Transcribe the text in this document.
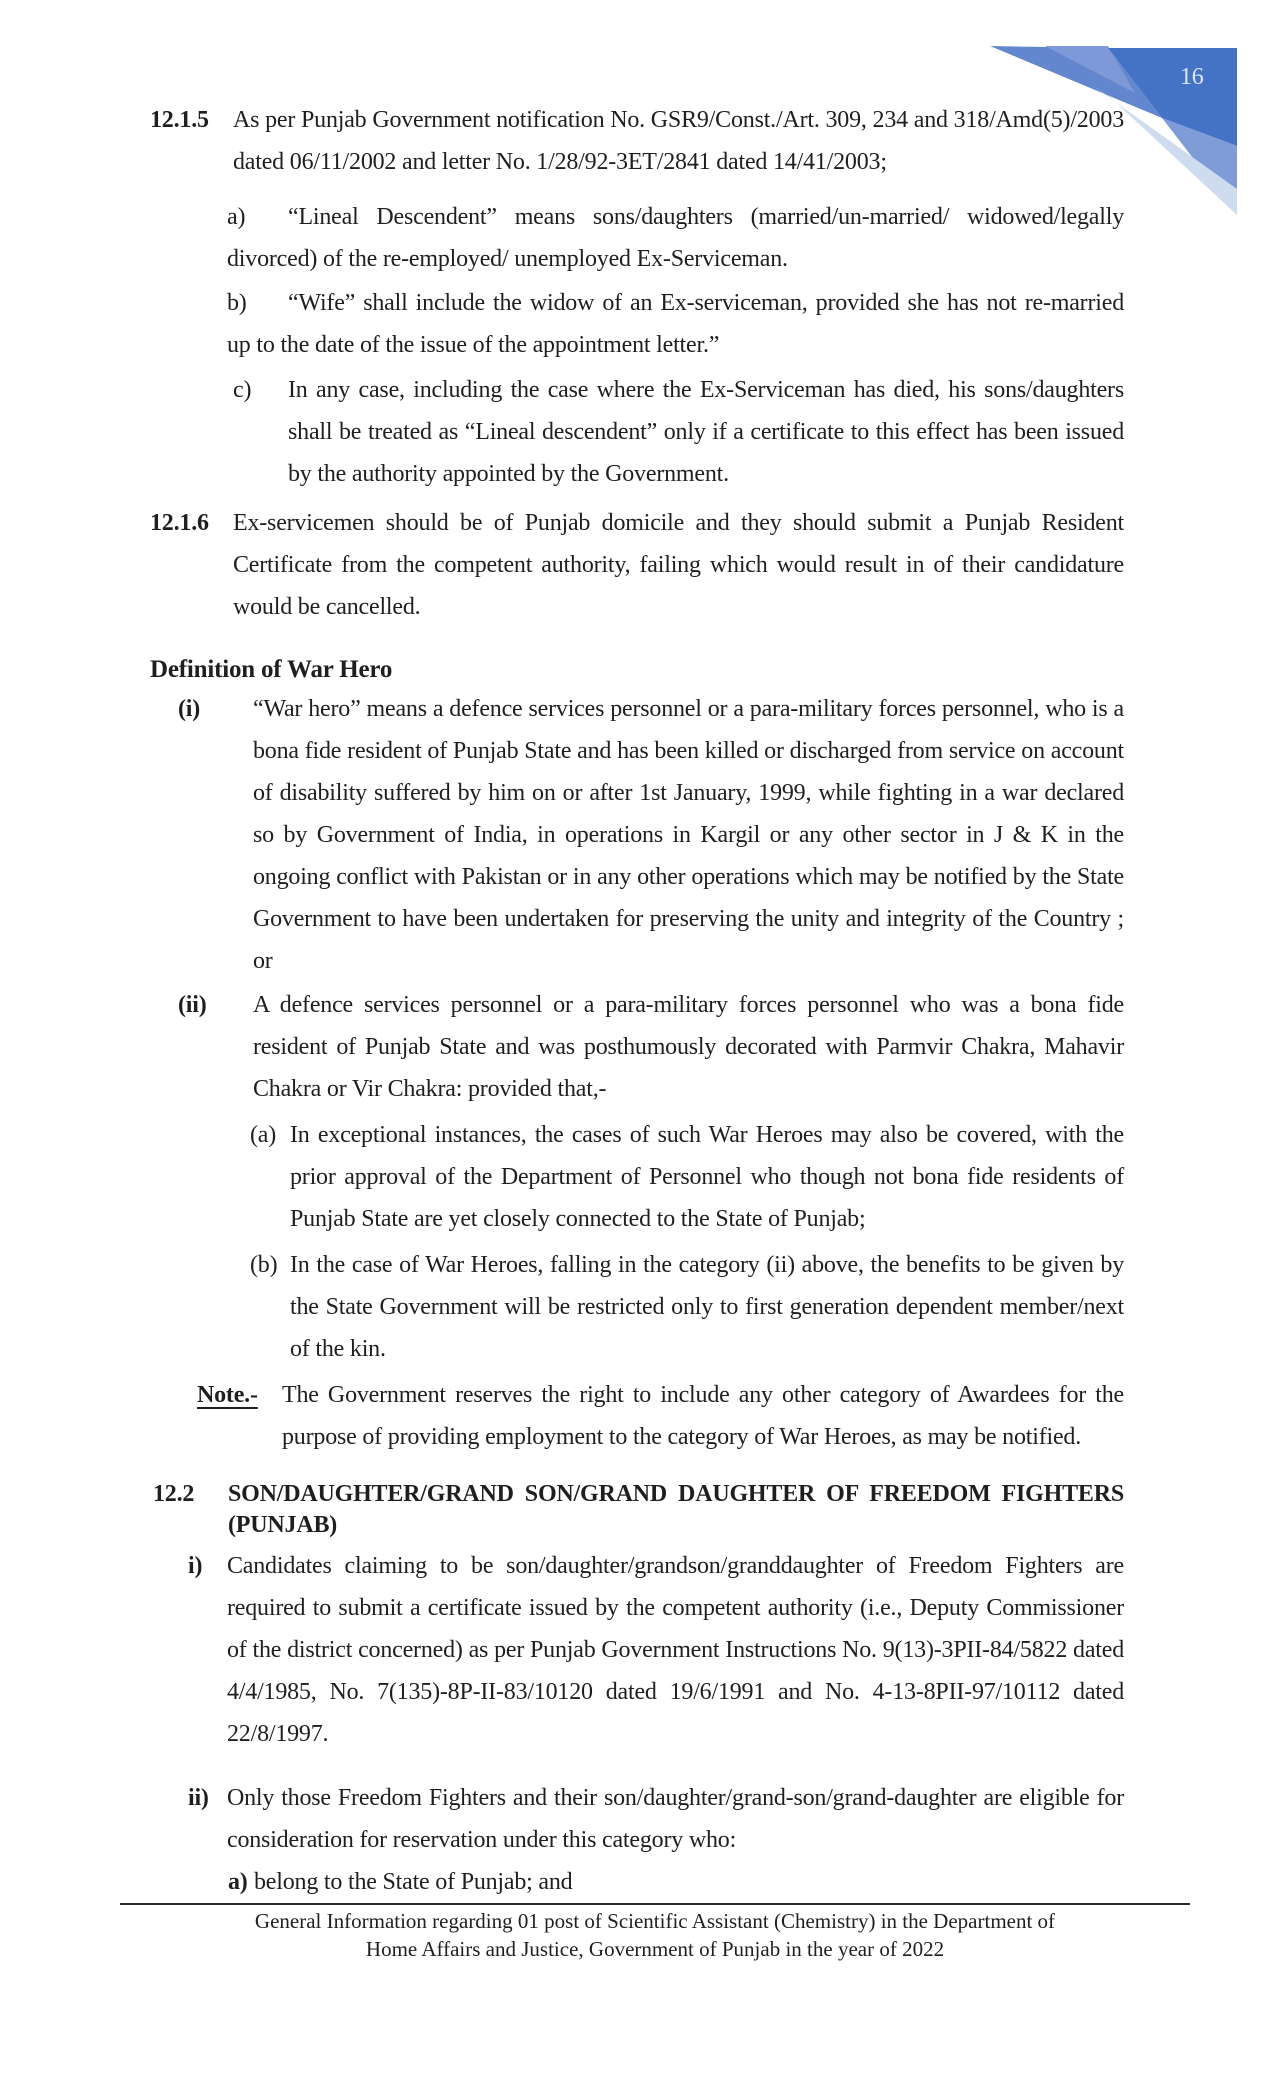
16
12.1.5	As per Punjab Government notification No. GSR9/Const./Art. 309, 234 and 318/Amd(5)/2003 dated 06/11/2002 and letter No. 1/28/92-3ET/2841 dated 14/41/2003;
a) “Lineal Descendent” means sons/daughters (married/un-married/ widowed/legally divorced) of the re-employed/ unemployed Ex-Serviceman.
b) “Wife” shall include the widow of an Ex-serviceman, provided she has not re-married up to the date of the issue of the appointment letter.”
c)	In any case, including the case where the Ex-Serviceman has died, his sons/daughters shall be treated as “Lineal descendent” only if a certificate to this effect has been issued by the authority appointed by the Government.
12.1.6	Ex-servicemen should be of Punjab domicile and they should submit a Punjab Resident Certificate from the competent authority, failing which would result in of their candidature would be cancelled.
Definition of War Hero
(i)	“War hero” means a defence services personnel or a para-military forces personnel, who is a bona fide resident of Punjab State and has been killed or discharged from service on account of disability suffered by him on or after 1st January, 1999, while fighting in a war declared so by Government of India, in operations in Kargil or any other sector in J & K in the ongoing conflict with Pakistan or in any other operations which may be notified by the State Government to have been undertaken for preserving the unity and integrity of the Country ; or
(ii)	A defence services personnel or a para-military forces personnel who was a bona fide resident of Punjab State and was posthumously decorated with Parmvir Chakra, Mahavir Chakra or Vir Chakra: provided that,-
(a) In exceptional instances, the cases of such War Heroes may also be covered, with the prior approval of the Department of Personnel who though not bona fide residents of Punjab State are yet closely connected to the State of Punjab;
(b) In the case of War Heroes, falling in the category (ii) above, the benefits to be given by the State Government will be restricted only to first generation dependent member/next of the kin.
Note.-	The Government reserves the right to include any other category of Awardees for the purpose of providing employment to the category of War Heroes, as may be notified.
12.2	SON/DAUGHTER/GRAND SON/GRAND DAUGHTER OF FREEDOM FIGHTERS (PUNJAB)
i)	Candidates claiming to be son/daughter/grandson/granddaughter of Freedom Fighters are required to submit a certificate issued by the competent authority (i.e., Deputy Commissioner of the district concerned) as per Punjab Government Instructions No. 9(13)-3PII-84/5822 dated 4/4/1985, No. 7(135)-8P-II-83/10120 dated 19/6/1991 and No. 4-13-8PII-97/10112 dated 22/8/1997.
ii) Only those Freedom Fighters and their son/daughter/grand-son/grand-daughter are eligible for consideration for reservation under this category who:
a) belong to the State of Punjab; and
General Information regarding 01 post of Scientific Assistant (Chemistry) in the Department of
Home Affairs and Justice, Government of Punjab in the year of 2022
